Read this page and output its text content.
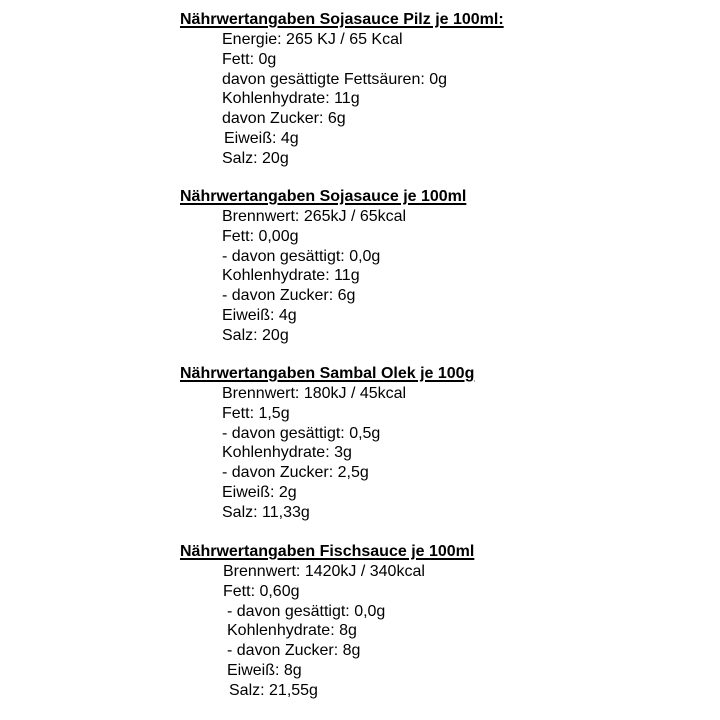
Nährwertangaben Sojasauce Pilz je 100ml:
Energie: 265 KJ / 65 Kcal
Fett: 0g
davon gesättigte Fettsäuren: 0g
Kohlenhydrate: 11g
davon Zucker: 6g
Eiweiß: 4g
Salz: 20g
Nährwertangaben Sojasauce je 100ml
Brennwert: 265kJ / 65kcal
Fett: 0,00g
- davon gesättigt: 0,0g
Kohlenhydrate: 11g
- davon Zucker: 6g
Eiweiß: 4g
Salz: 20g
Nährwertangaben Sambal Olek je 100g
Brennwert: 180kJ / 45kcal
Fett: 1,5g
- davon gesättigt: 0,5g
Kohlenhydrate: 3g
- davon Zucker: 2,5g
Eiweiß: 2g
Salz: 11,33g
Nährwertangaben Fischsauce je 100ml
Brennwert: 1420kJ / 340kcal
Fett: 0,60g
- davon gesättigt: 0,0g
Kohlenhydrate: 8g
- davon Zucker: 8g
Eiweiß: 8g
Salz: 21,55g
